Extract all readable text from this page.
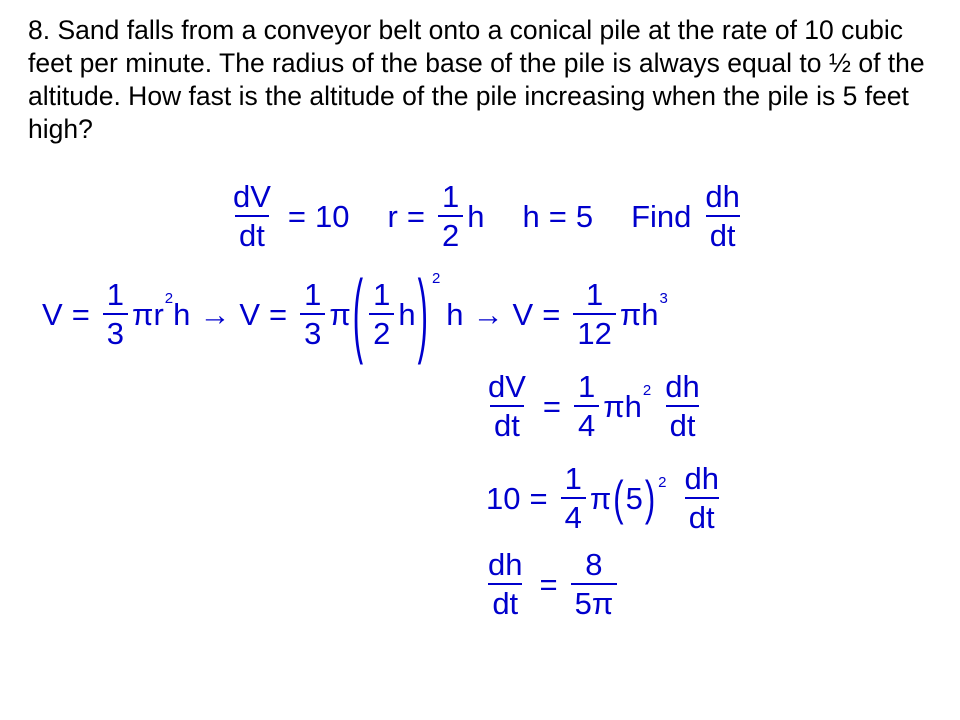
8. Sand falls from a conveyor belt onto a conical pile at the rate of 10 cubic feet per minute. The radius of the base of the pile is always equal to ½ of the altitude. How fast is the altitude of the pile increasing when the pile is 5 feet high?

$\frac{dV}{dt} = 10$ $r = \frac{1}{2}$ h h = 5 Find $\frac{dh}{dt}$
$V = \frac{1}{3}$ π r 2 $h \to V = \frac{1}{3}$ π ( $\frac{1}{2}$ h ) 2
$h \to V = \frac{1}{12}$ π h 3
$\frac{dV}{dt} = \frac{1}{4}$ π h $2 \frac{dh}{dt}$
$10 = \frac{1}{4}$ π ( 5 ) $2 \frac{dh}{dt}$
$\frac{dh}{dt} = \frac{8}{5\pi}$
